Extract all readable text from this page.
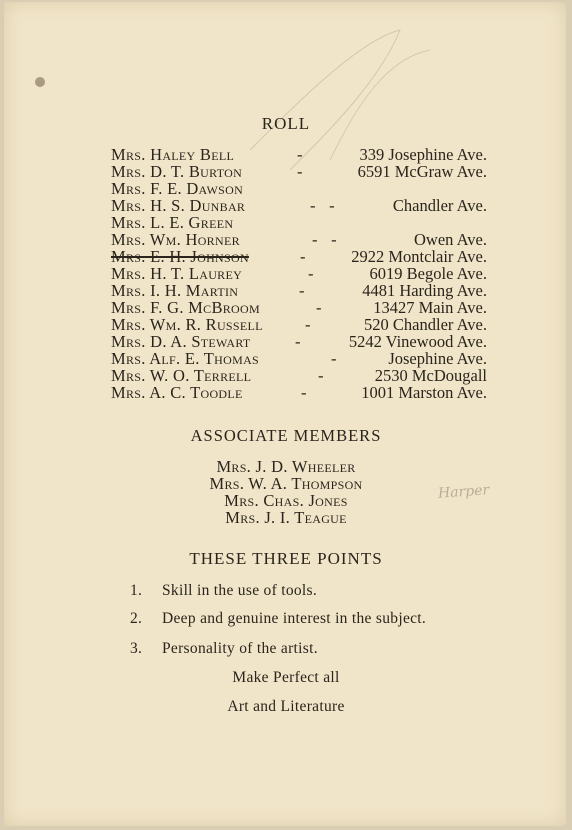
ROLL
Mrs. Haley Bell	-	339 Josephine Ave.
Mrs. D. T. Burton	-	6591 McGraw Ave.
Mrs. F. E. Dawson
Mrs. H. S. Dunbar	-   -	Chandler Ave.
Mrs. L. E. Green
Mrs. Wm. Horner	-   -	Owen Ave.
Mrs. E. H. Johnson	-	2922 Montclair Ave.
Mrs. H. T. Laurey	-	6019 Begole Ave.
Mrs. I. H. Martin	-	4481 Harding Ave.
Mrs. F. G. McBroom	-	13427 Main Ave.
Mrs. Wm. R. Russell	-	520 Chandler Ave.
Mrs. D. A. Stewart	-	5242 Vinewood Ave.
Mrs. Alf. E. Thomas	-	Josephine Ave.
Mrs. W. O. Terrell	-	2530 McDougall
Mrs. A. C. Toodle	-	1001 Marston Ave.
ASSOCIATE MEMBERS
Mrs. J. D. Wheeler
Mrs. W. A. Thompson
Mrs. Chas. Jones
Mrs. J. I. Teague
Harper
THESE THREE POINTS
1. Skill in the use of tools.
2. Deep and genuine interest in the subject.
3. Personality of the artist.
Make Perfect all
Art and Literature
